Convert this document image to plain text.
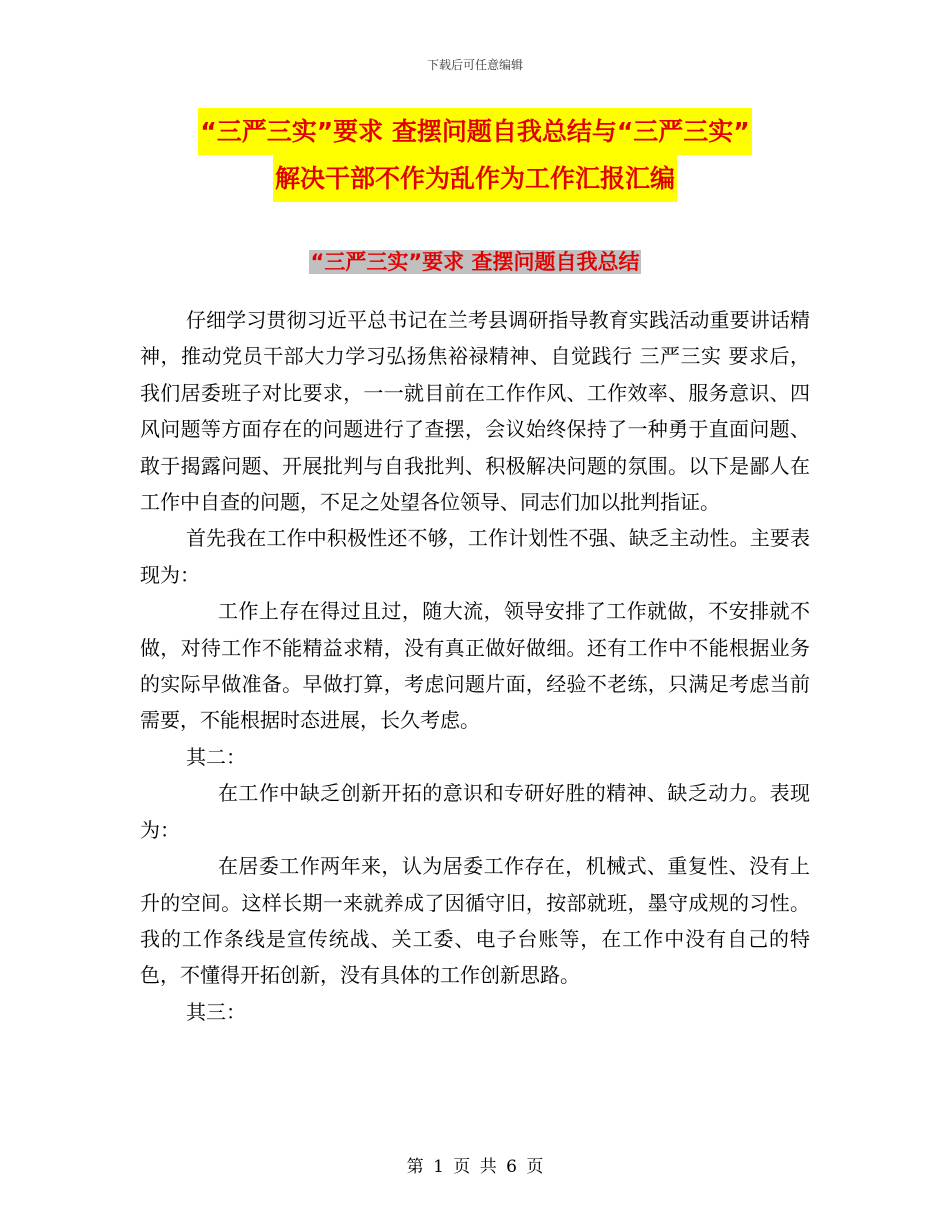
下载后可任意编辑
“三严三实”要求 查摆问题自我总结与“三严三实”
解决干部不作为乱作为工作汇报汇编
“三严三实”要求 查摆问题自我总结

仔细学习贯彻习近平总书记在兰考县调研指导教育实践活动重要讲话精神，推动党员干部大力学习弘扬焦裕禄精神、自觉践行 三严三实 要求后，我们居委班子对比要求，一一就目前在工作作风、工作效率、服务意识、四风问题等方面存在的问题进行了查摆，会议始终保持了一种勇于直面问题、敢于揭露问题、开展批判与自我批判、积极解决问题的氛围。以下是鄙人在工作中自查的问题，不足之处望各位领导、同志们加以批判指证。

首先我在工作中积极性还不够，工作计划性不强、缺乏主动性。主要表现为：

工作上存在得过且过，随大流，领导安排了工作就做，不安排就不做，对待工作不能精益求精，没有真正做好做细。还有工作中不能根据业务的实际早做准备。早做打算，考虑问题片面，经验不老练，只满足考虑当前需要，不能根据时态进展，长久考虑。

其二：

在工作中缺乏创新开拓的意识和专研好胜的精神、缺乏动力。表现为：

在居委工作两年来，认为居委工作存在，机械式、重复性、没有上升的空间。这样长期一来就养成了因循守旧，按部就班，墨守成规的习性。我的工作条线是宣传统战、关工委、电子台账等，在工作中没有自己的特色，不懂得开拓创新，没有具体的工作创新思路。

其三：

第 1 页 共 6 页
